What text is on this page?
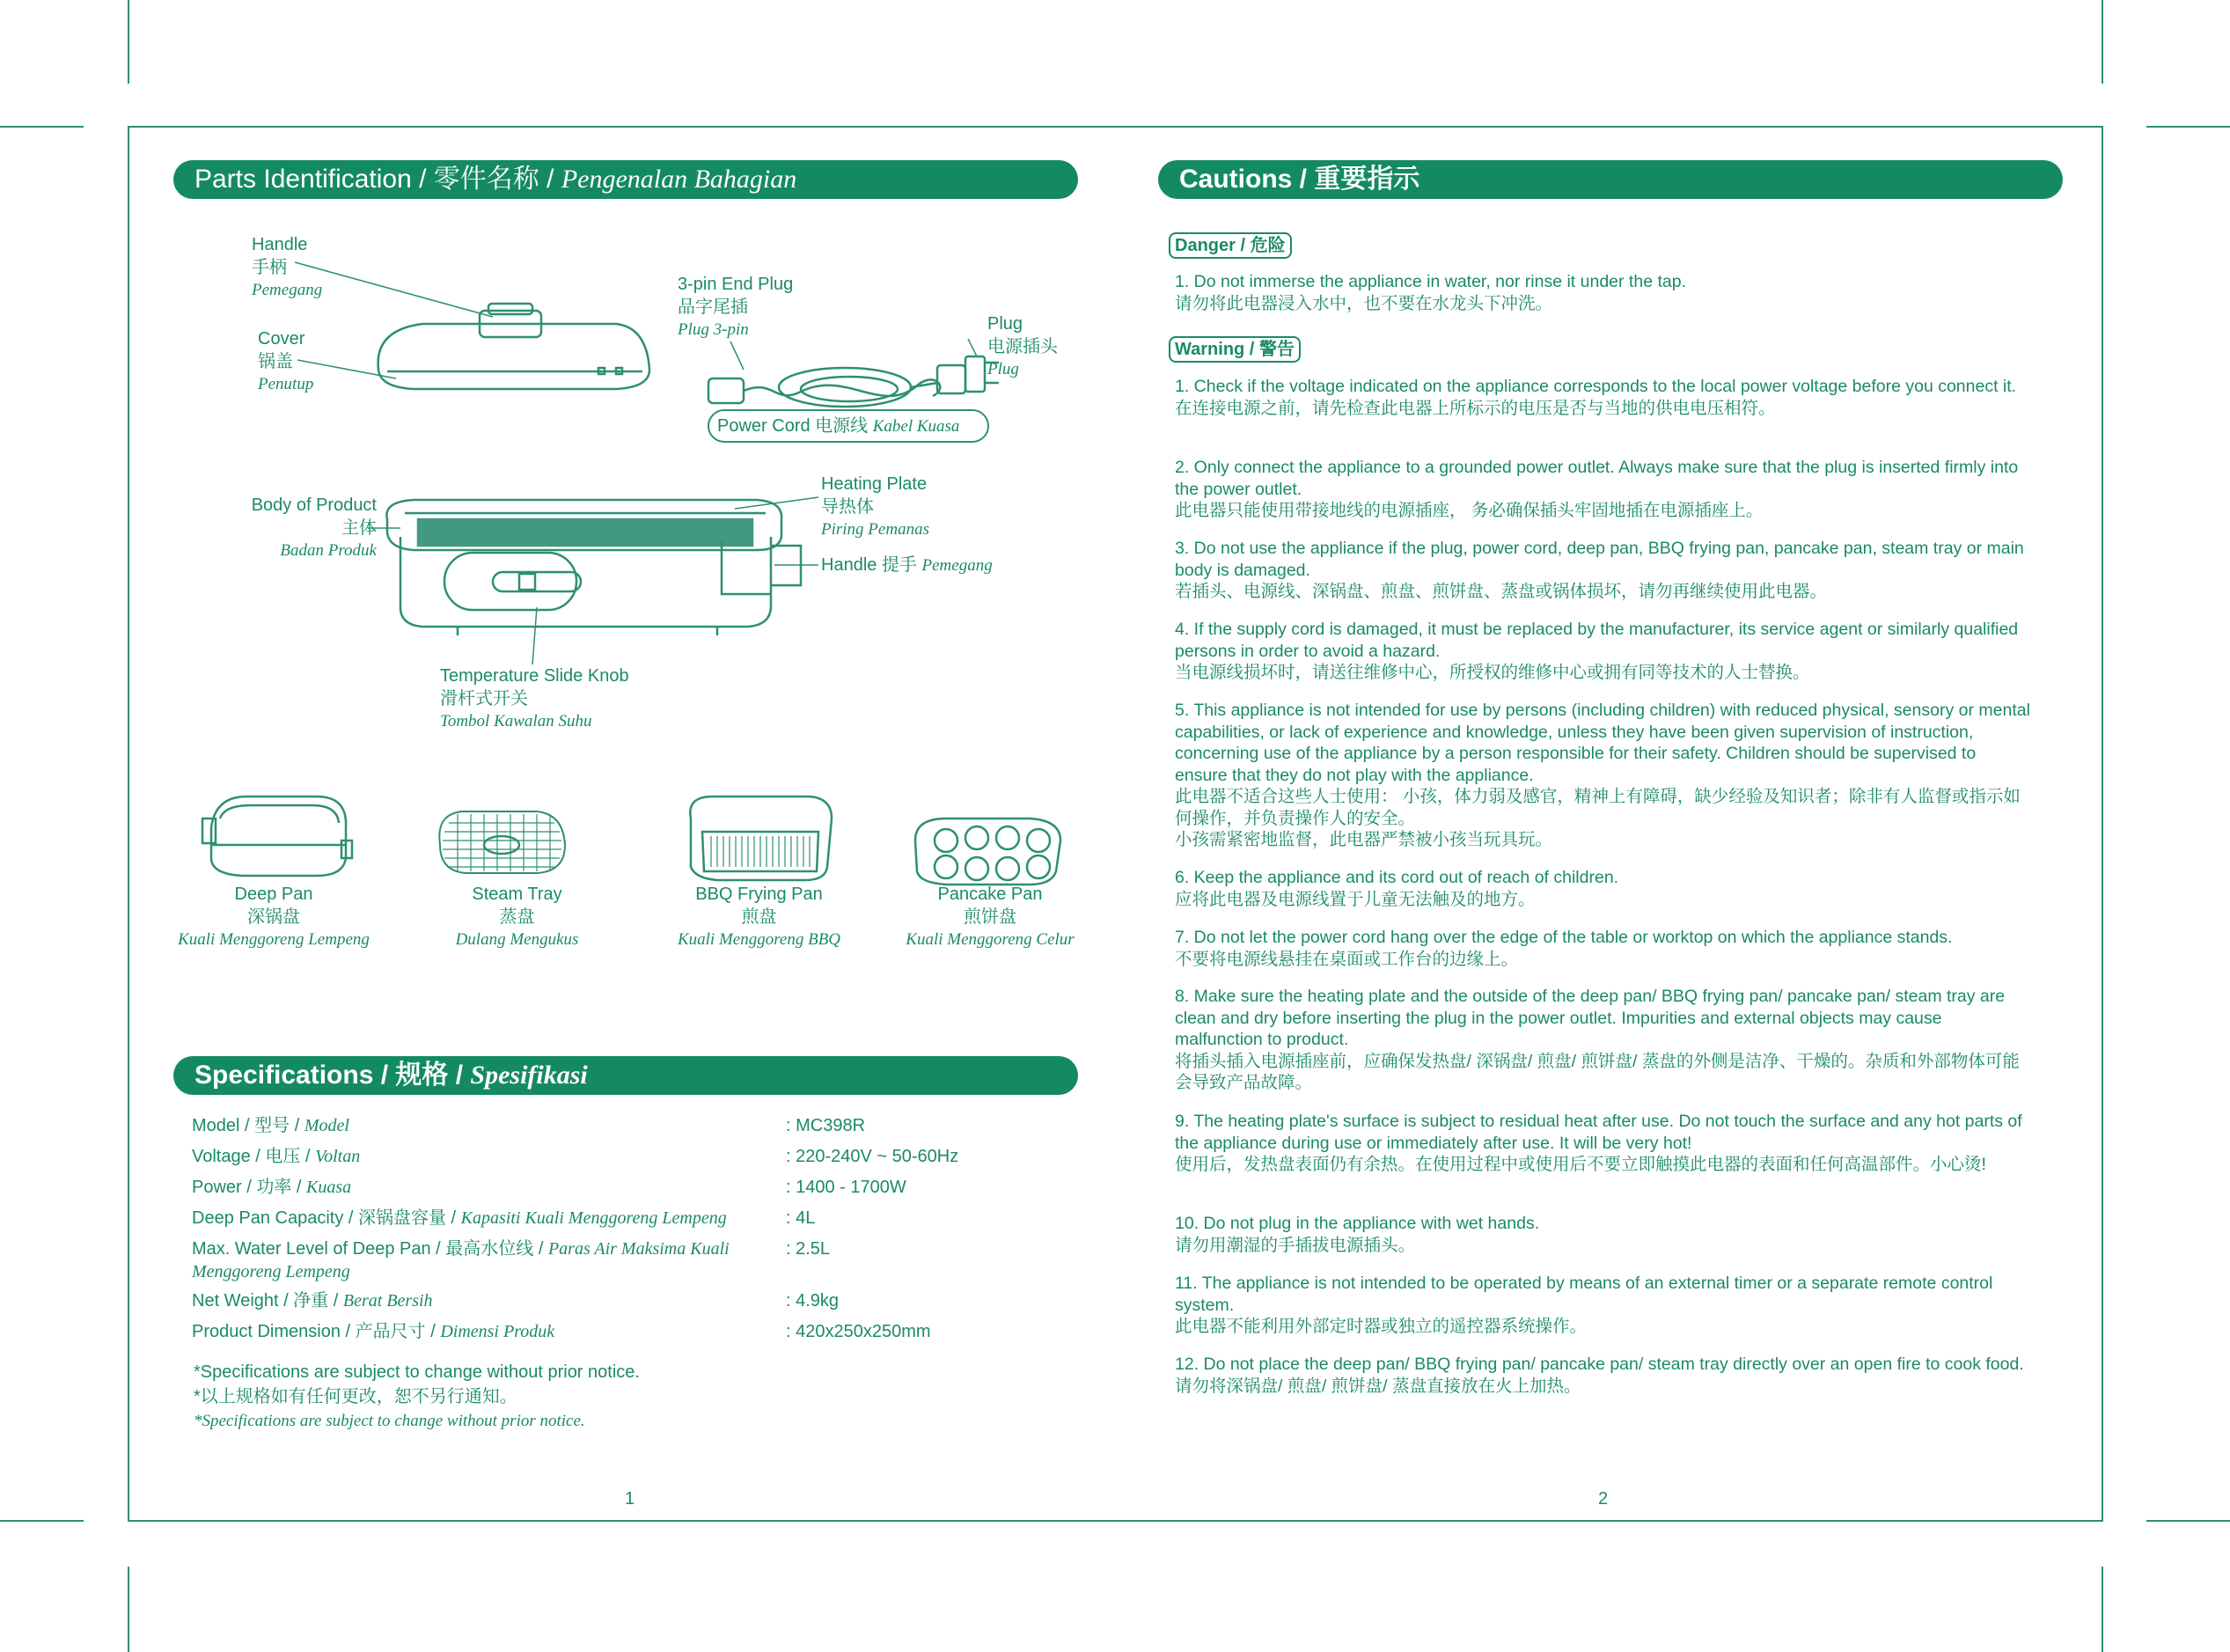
Parts Identification / 零件名称 / Pengenalan Bahagian
Handle
手柄
Pemegang
Cover
锅盖
Penutup
3-pin End Plug
品字尾插
Plug 3-pin	Plug
电源插头
Plug
Power Cord 电源线 Kabel Kuasa
Body of Product
主体
Badan Produk
Heating Plate
导热体
Piring Pemanas
Handle 提手 Pemegang
Temperature Slide Knob
滑杆式开关
Tombol Kawalan Suhu
Deep Pan
深锅盘
Kuali Menggoreng Lempeng
Steam Tray
蒸盘
Dulang Mengukus
BBQ Frying Pan
煎盘
Kuali Menggoreng BBQ
Pancake Pan
煎饼盘
Kuali Menggoreng Celur
Specifications / 规格 / Spesifikasi
Model / 型号 / Model	: MC398R
Voltage / 电压 / Voltan	: 220-240V ~ 50-60Hz
Power / 功率 / Kuasa	: 1400 - 1700W
Deep Pan Capacity / 深锅盘容量 / Kapasiti Kuali Menggoreng Lempeng	: 4L
Max. Water Level of Deep Pan / 最高水位线 / Paras Air Maksima Kuali
Menggoreng Lempeng
: 2.5L
Net Weight / 净重 / Berat Bersih	: 4.9kg
Product Dimension / 产品尺寸 / Dimensi Produk	: 420x250x250mm
*Specifications are subject to change without prior notice.
*以上规格如有任何更改，恕不另行通知。
*Specifications are subject to change without prior notice.
1
Cautions / 重要指示
Danger / 危险
1. Do not immerse the appliance in water, nor rinse it under the tap.
请勿将此电器浸入水中，也不要在水龙头下冲洗。
Warning / 警告
1. Check if the voltage indicated on the appliance corresponds to the local power voltage before you connect it.
在连接电源之前，请先检查此电器上所标示的电压是否与当地的供电电压相符。
2. Only connect the appliance to a grounded power outlet. Always make sure that the plug is inserted firmly into the power outlet.
此电器只能使用带接地线的电源插座， 务必确保插头牢固地插在电源插座上。
3. Do not use the appliance if the plug, power cord, deep pan, BBQ frying pan, pancake pan, steam tray or main body is damaged.
若插头、电源线、深锅盘、煎盘、煎饼盘、蒸盘或锅体损坏，请勿再继续使用此电器。
4. If the supply cord is damaged, it must be replaced by the manufacturer, its service agent or similarly qualified persons in order to avoid a hazard.
当电源线损坏时，请送往维修中心，所授权的维修中心或拥有同等技术的人士替换。
5. This appliance is not intended for use by persons (including children) with reduced physical, sensory or mental capabilities, or lack of experience and knowledge, unless they have been given supervision of instruction, concerning use of the appliance by a person responsible for their safety. Children should be supervised to ensure that they do not play with the appliance.
此电器不适合这些人士使用： 小孩，体力弱及感官，精神上有障碍，缺少经验及知识者；除非有人监督或指示如何操作，并负责操作人的安全。
小孩需紧密地监督，此电器严禁被小孩当玩具玩。
6. Keep the appliance and its cord out of reach of children.
应将此电器及电源线置于儿童无法触及的地方。
7. Do not let the power cord hang over the edge of the table or worktop on which the appliance stands.
不要将电源线悬挂在桌面或工作台的边缘上。
8. Make sure the heating plate and the outside of the deep pan/ BBQ frying pan/ pancake pan/ steam tray are clean and dry before inserting the plug in the power outlet. Impurities and external objects may cause malfunction to product.
将插头插入电源插座前，应确保发热盘/ 深锅盘/ 煎盘/ 煎饼盘/ 蒸盘的外侧是洁净、干燥的。杂质和外部物体可能会导致产品故障。
9. The heating plate's surface is subject to residual heat after use. Do not touch the surface and any hot parts of the appliance during use or immediately after use. It will be very hot!
使用后，发热盘表面仍有余热。在使用过程中或使用后不要立即触摸此电器的表面和任何高温部件。小心烫!
10. Do not plug in the appliance with wet hands.
请勿用潮湿的手插拔电源插头。
11. The appliance is not intended to be operated by means of an external timer or a separate remote control system.
此电器不能利用外部定时器或独立的遥控器系统操作。
12. Do not place the deep pan/ BBQ frying pan/ pancake pan/ steam tray directly over an open fire to cook food.
请勿将深锅盘/ 煎盘/ 煎饼盘/ 蒸盘直接放在火上加热。
2
